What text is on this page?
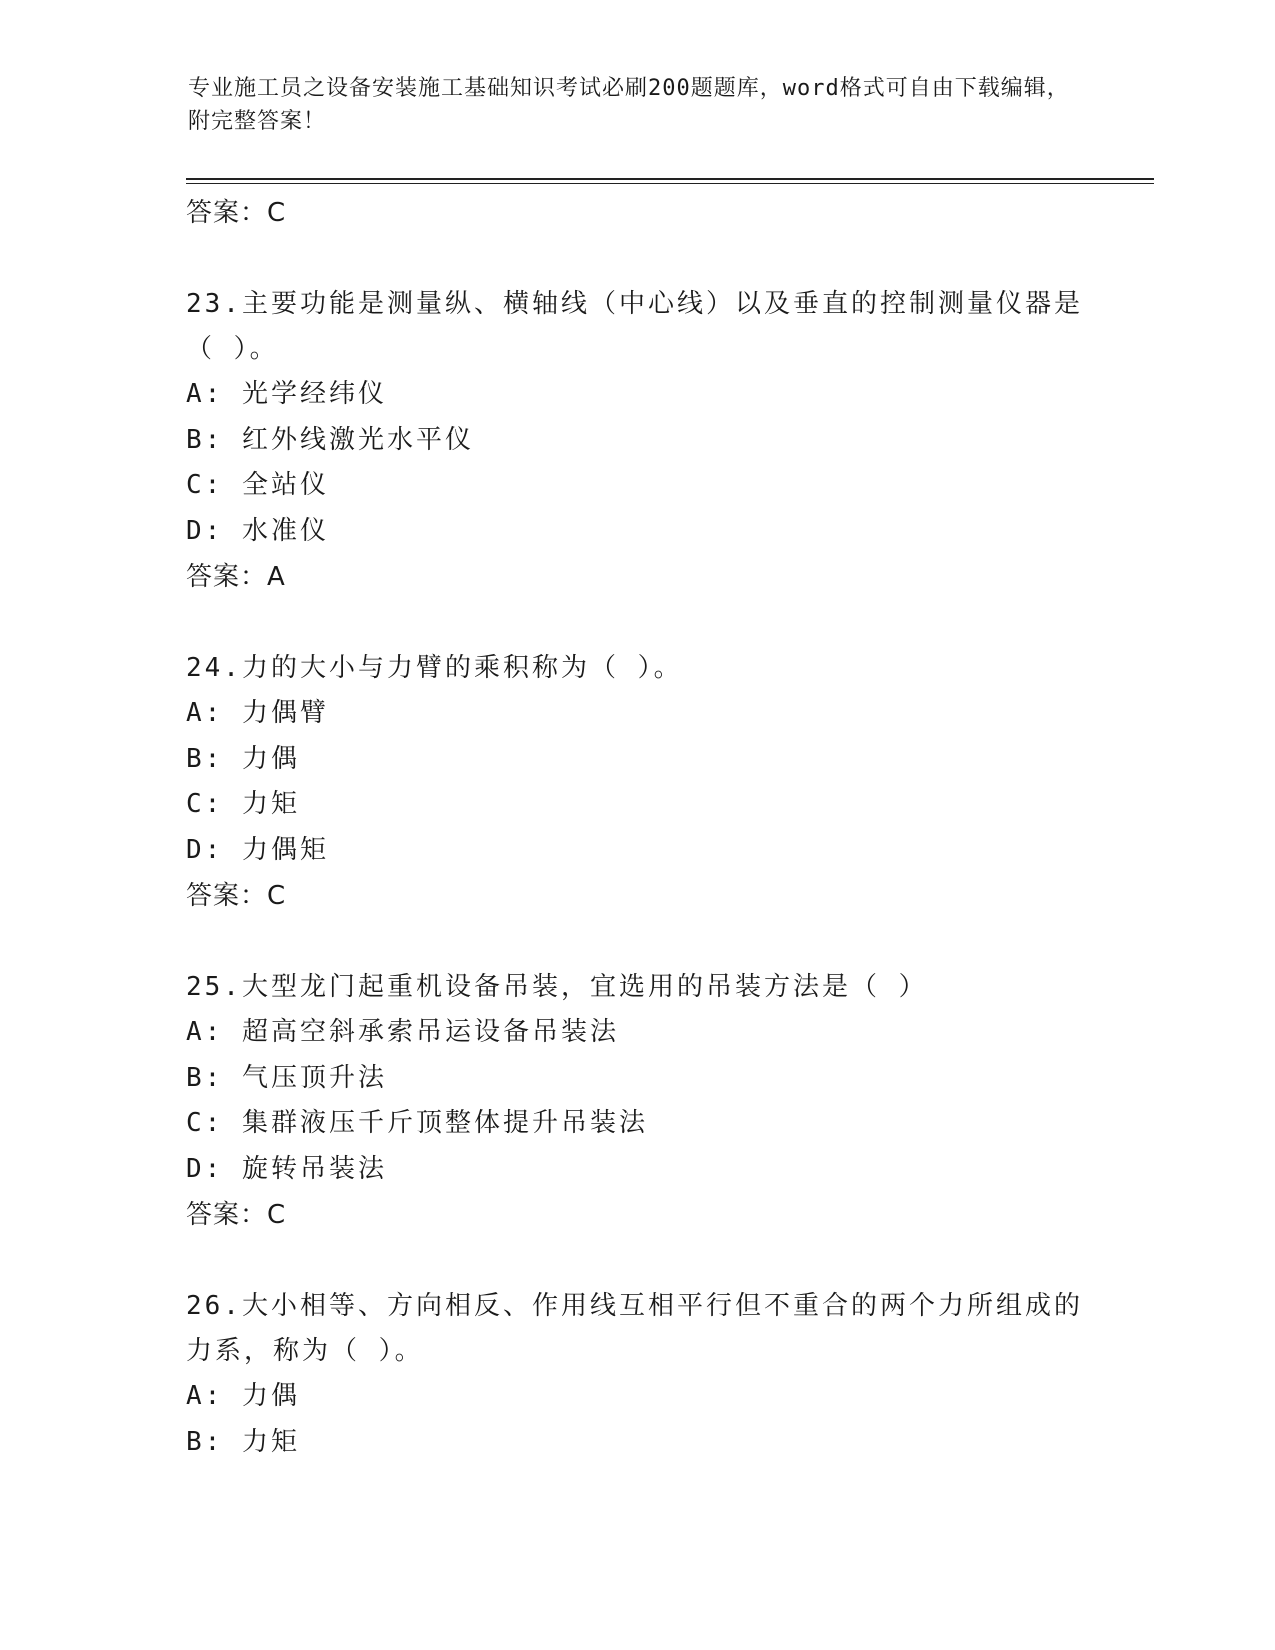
专业施工员之设备安装施工基础知识考试必刷200题题库，word格式可自由下载编辑，附完整答案！
答案：C
23.主要功能是测量纵、横轴线（中心线）以及垂直的控制测量仪器是（ ）。
A: 光学经纬仪
B: 红外线激光水平仪
C: 全站仪
D: 水准仪
答案：A
24.力的大小与力臂的乘积称为（ ）。
A: 力偶臂
B: 力偶
C: 力矩
D: 力偶矩
答案：C
25.大型龙门起重机设备吊装，宜选用的吊装方法是（ ）
A: 超高空斜承索吊运设备吊装法
B: 气压顶升法
C: 集群液压千斤顶整体提升吊装法
D: 旋转吊装法
答案：C
26.大小相等、方向相反、作用线互相平行但不重合的两个力所组成的力系，称为（ ）。
A: 力偶
B: 力矩
